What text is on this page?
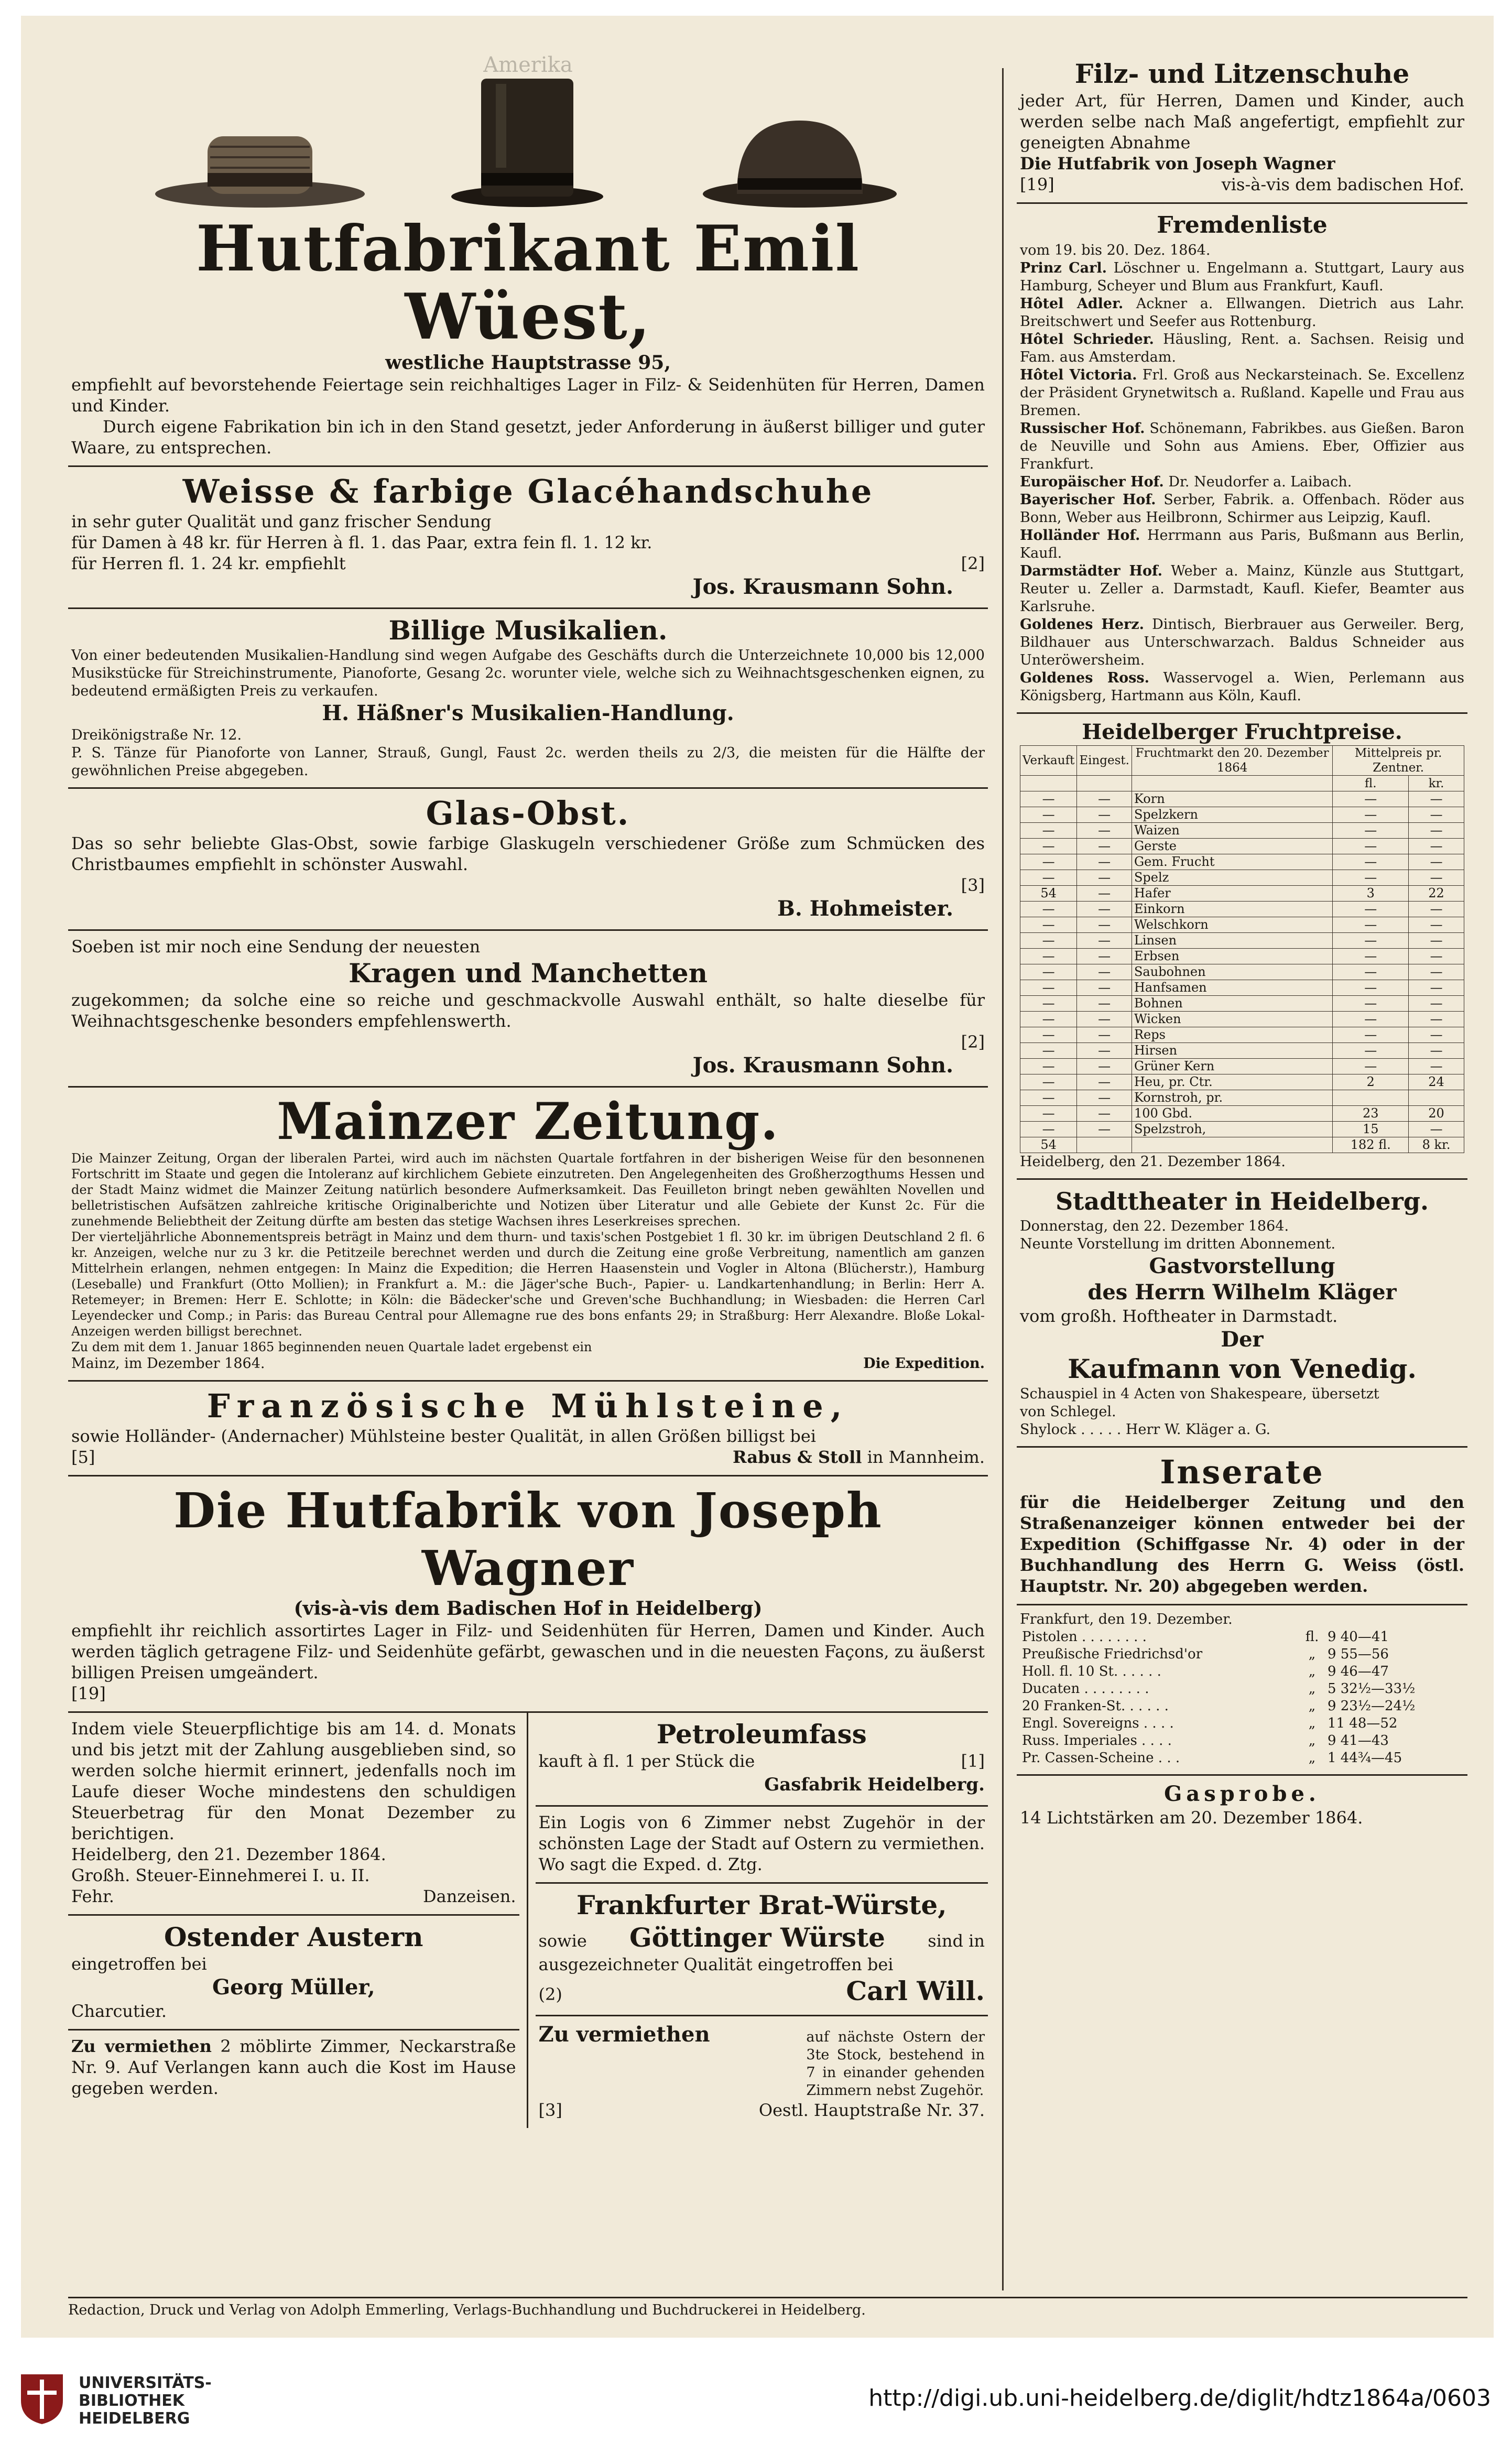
Amerika
Hutfabrikant Emil Wüest,
westliche Hauptstrasse 95,

empfiehlt auf bevorstehende Feiertage sein reichhaltiges Lager in Filz- & Seidenhüten für Herren, Damen und Kinder.

Durch eigene Fabrikation bin ich in den Stand gesetzt, jeder Anforderung in äußerst billiger und guter Waare, zu entsprechen.

Weisse & farbige Glacéhandschuhe
in sehr guter Qualität und ganz frischer Sendung

für Damen à 48 kr. für Herren à fl. 1. das Paar, extra fein fl. 1. 12 kr.

für Herren fl. 1. 24 kr. empfiehlt	[2]
Jos. Krausmann Sohn.
Billige Musikalien.

Von einer bedeutenden Musikalien-Handlung sind wegen Aufgabe des Geschäfts durch die Unterzeichnete 10,000 bis 12,000 Musikstücke für Streichinstrumente, Pianoforte, Gesang 2c. worunter viele, welche sich zu Weihnachtsgeschenken eignen, zu bedeutend ermäßigten Preis zu verkaufen.

H. Häßner's Musikalien-Handlung.
Dreikönigstraße Nr. 12.

P. S. Tänze für Pianoforte von Lanner, Strauß, Gungl, Faust 2c. werden theils zu 2/3, die meisten für die Hälfte der gewöhnlichen Preise abgegeben.

Glas-Obst.

Das so sehr beliebte Glas-Obst, sowie farbige Glaskugeln verschiedener Größe zum Schmücken des Christbaumes empfiehlt in schönster Auswahl.

[3]
B. Hohmeister.
Soeben ist mir noch eine Sendung der neuesten
Kragen und Manchetten

zugekommen; da solche eine so reiche und geschmackvolle Auswahl enthält, so halte dieselbe für Weihnachtsgeschenke besonders empfehlenswerth.

[2]
Jos. Krausmann Sohn.
Mainzer Zeitung.

Die Mainzer Zeitung, Organ der liberalen Partei, wird auch im nächsten Quartale fortfahren in der bisherigen Weise für den besonnenen Fortschritt im Staate und gegen die Intoleranz auf kirchlichem Gebiete einzutreten. Den Angelegenheiten des Großherzogthums Hessen und der Stadt Mainz widmet die Mainzer Zeitung natürlich besondere Aufmerksamkeit. Das Feuilleton bringt neben gewählten Novellen und belletristischen Aufsätzen zahlreiche kritische Originalberichte und Notizen über Literatur und alle Gebiete der Kunst 2c. Für die zunehmende Beliebtheit der Zeitung dürfte am besten das stetige Wachsen ihres Leserkreises sprechen.

Der vierteljährliche Abonnementspreis beträgt in Mainz und dem thurn- und taxis'schen Postgebiet 1 fl. 30 kr. im übrigen Deutschland 2 fl. 6 kr. Anzeigen, welche nur zu 3 kr. die Petitzeile berechnet werden und durch die Zeitung eine große Verbreitung, namentlich am ganzen Mittelrhein erlangen, nehmen entgegen: In Mainz die Expedition; die Herren Haasenstein und Vogler in Altona (Blücherstr.), Hamburg (Leseballe) und Frankfurt (Otto Mollien); in Frankfurt a. M.: die Jäger'sche Buch-, Papier- u. Landkartenhandlung; in Berlin: Herr A. Retemeyer; in Bremen: Herr E. Schlotte; in Köln: die Bädecker'sche und Greven'sche Buchhandlung; in Wiesbaden: die Herren Carl Leyendecker und Comp.; in Paris: das Bureau Central pour Allemagne rue des bons enfants 29; in Straßburg: Herr Alexandre. Bloße Lokal-Anzeigen werden billigst berechnet.

Zu dem mit dem 1. Januar 1865 beginnenden neuen Quartale ladet ergebenst ein

Mainz, im Dezember 1864.	Die Expedition.
Französische Mühlsteine,

sowie Holländer- (Andernacher) Mühlsteine bester Qualität, in allen Größen billigst bei

[5]	Rabus & Stoll in Mannheim.
Die Hutfabrik von Joseph Wagner
(vis-à-vis dem Badischen Hof in Heidelberg)

empfiehlt ihr reichlich assortirtes Lager in Filz- und Seidenhüten für Herren, Damen und Kinder. Auch werden täglich getragene Filz- und Seidenhüte gefärbt, gewaschen und in die neuesten Façons, zu äußerst billigen Preisen umgeändert.

[19]

Indem viele Steuerpflichtige bis am 14. d. Monats und bis jetzt mit der Zahlung ausgeblieben sind, so werden solche hiermit erinnert, jedenfalls noch im Laufe dieser Woche mindestens den schuldigen Steuerbetrag für den Monat Dezember zu berichtigen.

Heidelberg, den 21. Dezember 1864.
Großh. Steuer-Einnehmerei I. u. II.
Fehr.	Danzeisen.
Ostender Austern
eingetroffen bei
Georg Müller,
Charcutier.

Zu vermiethen 2 möblirte Zimmer, Neckarstraße Nr. 9. Auf Verlangen kann auch die Kost im Hause gegeben werden.

Petroleumfass
kauft à fl. 1 per Stück die	[1]
Gasfabrik Heidelberg.

Ein Logis von 6 Zimmer nebst Zugehör in der schönsten Lage der Stadt auf Ostern zu vermiethen. Wo sagt die Exped. d. Ztg.

Frankfurter Brat-Würste,
sowie Göttinger Würste	sind in
ausgezeichneter Qualität eingetroffen bei
(2)	Carl Will.
Zu vermiethen	auf nächste Ostern der 3te Stock, bestehend in 7 in einander gehenden Zimmern nebst Zugehör.
[3]	Oestl. Hauptstraße Nr. 37.
Filz- und Litzenschuhe

jeder Art, für Herren, Damen und Kinder, auch werden selbe nach Maß angefertigt, empfiehlt zur geneigten Abnahme

Die Hutfabrik von Joseph Wagner
[19]	vis-à-vis dem badischen Hof.
Fremdenliste
vom 19. bis 20. Dez. 1864.

Prinz Carl. Löschner u. Engelmann a. Stuttgart, Laury aus Hamburg, Scheyer und Blum aus Frankfurt, Kaufl.

Hôtel Adler. Ackner a. Ellwangen. Dietrich aus Lahr. Breitschwert und Seefer aus Rottenburg.

Hôtel Schrieder. Häusling, Rent. a. Sachsen. Reisig und Fam. aus Amsterdam.

Hôtel Victoria. Frl. Groß aus Neckarsteinach. Se. Excellenz der Präsident Grynetwitsch a. Rußland. Kapelle und Frau aus Bremen.

Russischer Hof. Schönemann, Fabrikbes. aus Gießen. Baron de Neuville und Sohn aus Amiens. Eber, Offizier aus Frankfurt.

Europäischer Hof. Dr. Neudorfer a. Laibach.

Bayerischer Hof. Serber, Fabrik. a. Offenbach. Röder aus Bonn, Weber aus Heilbronn, Schirmer aus Leipzig, Kaufl.

Holländer Hof. Herrmann aus Paris, Bußmann aus Berlin, Kaufl.

Darmstädter Hof. Weber a. Mainz, Künzle aus Stuttgart, Reuter u. Zeller a. Darmstadt, Kaufl. Kiefer, Beamter aus Karlsruhe.

Goldenes Herz. Dintisch, Bierbrauer aus Gerweiler. Berg, Bildhauer aus Unterschwarzach. Baldus Schneider aus Unteröwersheim.

Goldenes Ross. Wasservogel a. Wien, Perlemann aus Königsberg, Hartmann aus Köln, Kaufl.

Heidelberger Fruchtpreise.
Verkauft	Eingest.	Fruchtmarkt den 20. Dezember 1864	Mittelpreis pr. Zentner.	
			fl.	kr.
—	—	Korn	—	—
—	—	Spelzkern	—	—
—	—	Waizen	—	—
—	—	Gerste	—	—
—	—	Gem. Frucht	—	—
—	—	Spelz	—	—
54	—	Hafer	3	22
—	—	Einkorn	—	—
—	—	Welschkorn	—	—
—	—	Linsen	—	—
—	—	Erbsen	—	—
—	—	Saubohnen	—	—
—	—	Hanfsamen	—	—
—	—	Bohnen	—	—
—	—	Wicken	—	—
—	—	Reps	—	—
—	—	Hirsen	—	—
—	—	Grüner Kern	—	—
—	—	Heu, pr. Ctr.	2	24
—	—	Kornstroh, pr.		
—	—	100 Gbd.	23	20
—	—	Spelzstroh,	15	—
54			182 fl.	8 kr.
Heidelberg, den 21. Dezember 1864.
Stadttheater in Heidelberg.
Donnerstag, den 22. Dezember 1864.
Neunte Vorstellung im dritten Abonnement.
Gastvorstellung
des Herrn Wilhelm Kläger
vom großh. Hoftheater in Darmstadt.
Der
Kaufmann von Venedig.
Schauspiel in 4 Acten von Shakespeare, übersetzt
von Schlegel.
Shylock . . . . . Herr W. Kläger a. G.
Inserate

für die Heidelberger Zeitung und den Straßenanzeiger können entweder bei der Expedition (Schiffgasse Nr. 4) oder in der Buchhandlung des Herrn G. Weiss (östl. Hauptstr. Nr. 20) abgegeben werden.

Frankfurt, den 19. Dezember.
Pistolen . . . . . . . .	fl.	9 40—41
Preußische Friedrichsd'or	„	9 55—56
Holl. fl. 10 St. . . . . .	„	9 46—47
Ducaten . . . . . . . .	„	5 32½—33½
20 Franken-St. . . . . .	„	9 23½—24½
Engl. Sovereigns . . . .	„	11 48—52
Russ. Imperiales . . . .	„	9 41—43
Pr. Cassen-Scheine . . .	„	1 44¾—45
Gasprobe.
14 Lichtstärken am 20. Dezember 1864.
Redaction, Druck und Verlag von Adolph Emmerling, Verlags-Buchhandlung und Buchdruckerei in Heidelberg.
UNIVERSITÄTS-
BIBLIOTHEK
HEIDELBERG
http://digi.ub.uni-heidelberg.de/diglit/hdtz1864a/0603
